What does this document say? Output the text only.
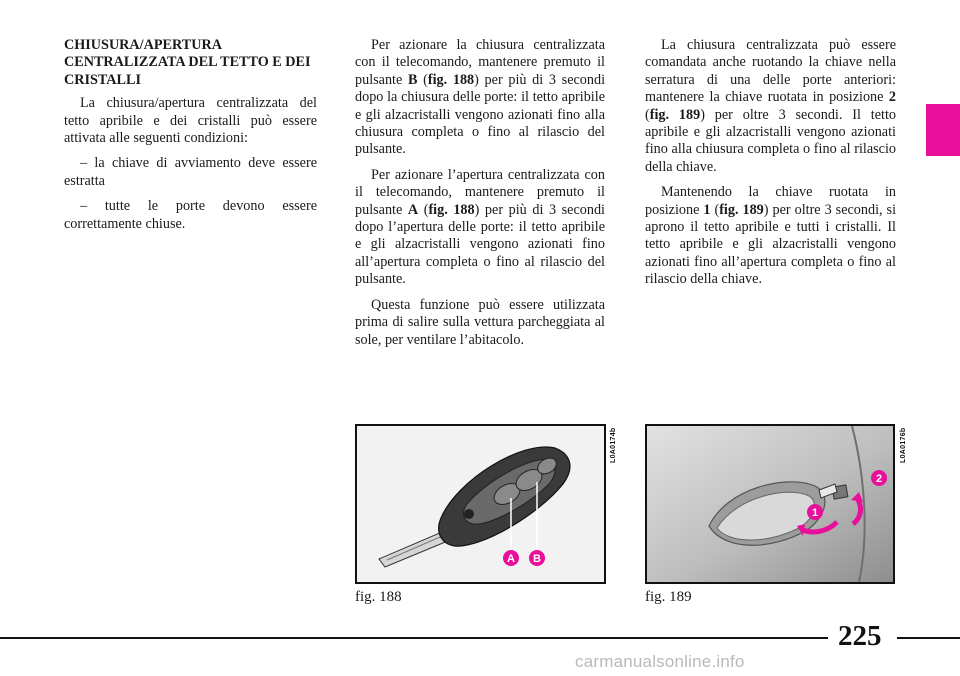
CHIUSURA/APERTURA CENTRALIZZATA DEL TETTO E DEI CRISTALLI

La chiusura/apertura centralizzata del tetto apribile e dei cristalli può essere attivata alle seguenti condizioni:

– la chiave di avviamento deve essere estratta

– tutte le porte devono essere correttamente chiuse.

Per azionare la chiusura centralizzata con il telecomando, mantenere premuto il pulsante B (fig. 188) per più di 3 secondi dopo la chiusura delle porte: il tetto apribile e gli alzacristalli vengono azionati fino alla chiusura completa o fino al rilascio del pulsante.

Per azionare l’apertura centralizzata con il telecomando, mantenere premuto il pulsante A (fig. 188) per più di 3 secondi dopo l’apertura delle porte: il tetto apribile e gli alzacristalli vengono azionati fino all’apertura completa o fino al rilascio del pulsante.

Questa funzione può essere utilizzata prima di salire sulla vettura parcheggiata al sole, per ventilare l’abitacolo.

La chiusura centralizzata può essere comandata anche ruotando la chiave nella serratura di una delle porte anteriori: mantenere la chiave ruotata in posizione 2 (fig. 189) per oltre 3 secondi. Il tetto apribile e gli alzacristalli vengono azionati fino alla chiusura completa o fino al rilascio della chiave.

Mantenendo la chiave ruotata in posizione 1 (fig. 189) per oltre 3 secondi, si aprono il tetto apribile e tutti i cristalli. Il tetto apribile e gli alzacristalli vengono azionati fino all’apertura completa o fino al rilascio della chiave.

A B
L0A0174b
fig. 188
1
2
L0A0176b
fig. 189
225
carmanualsonline.info
